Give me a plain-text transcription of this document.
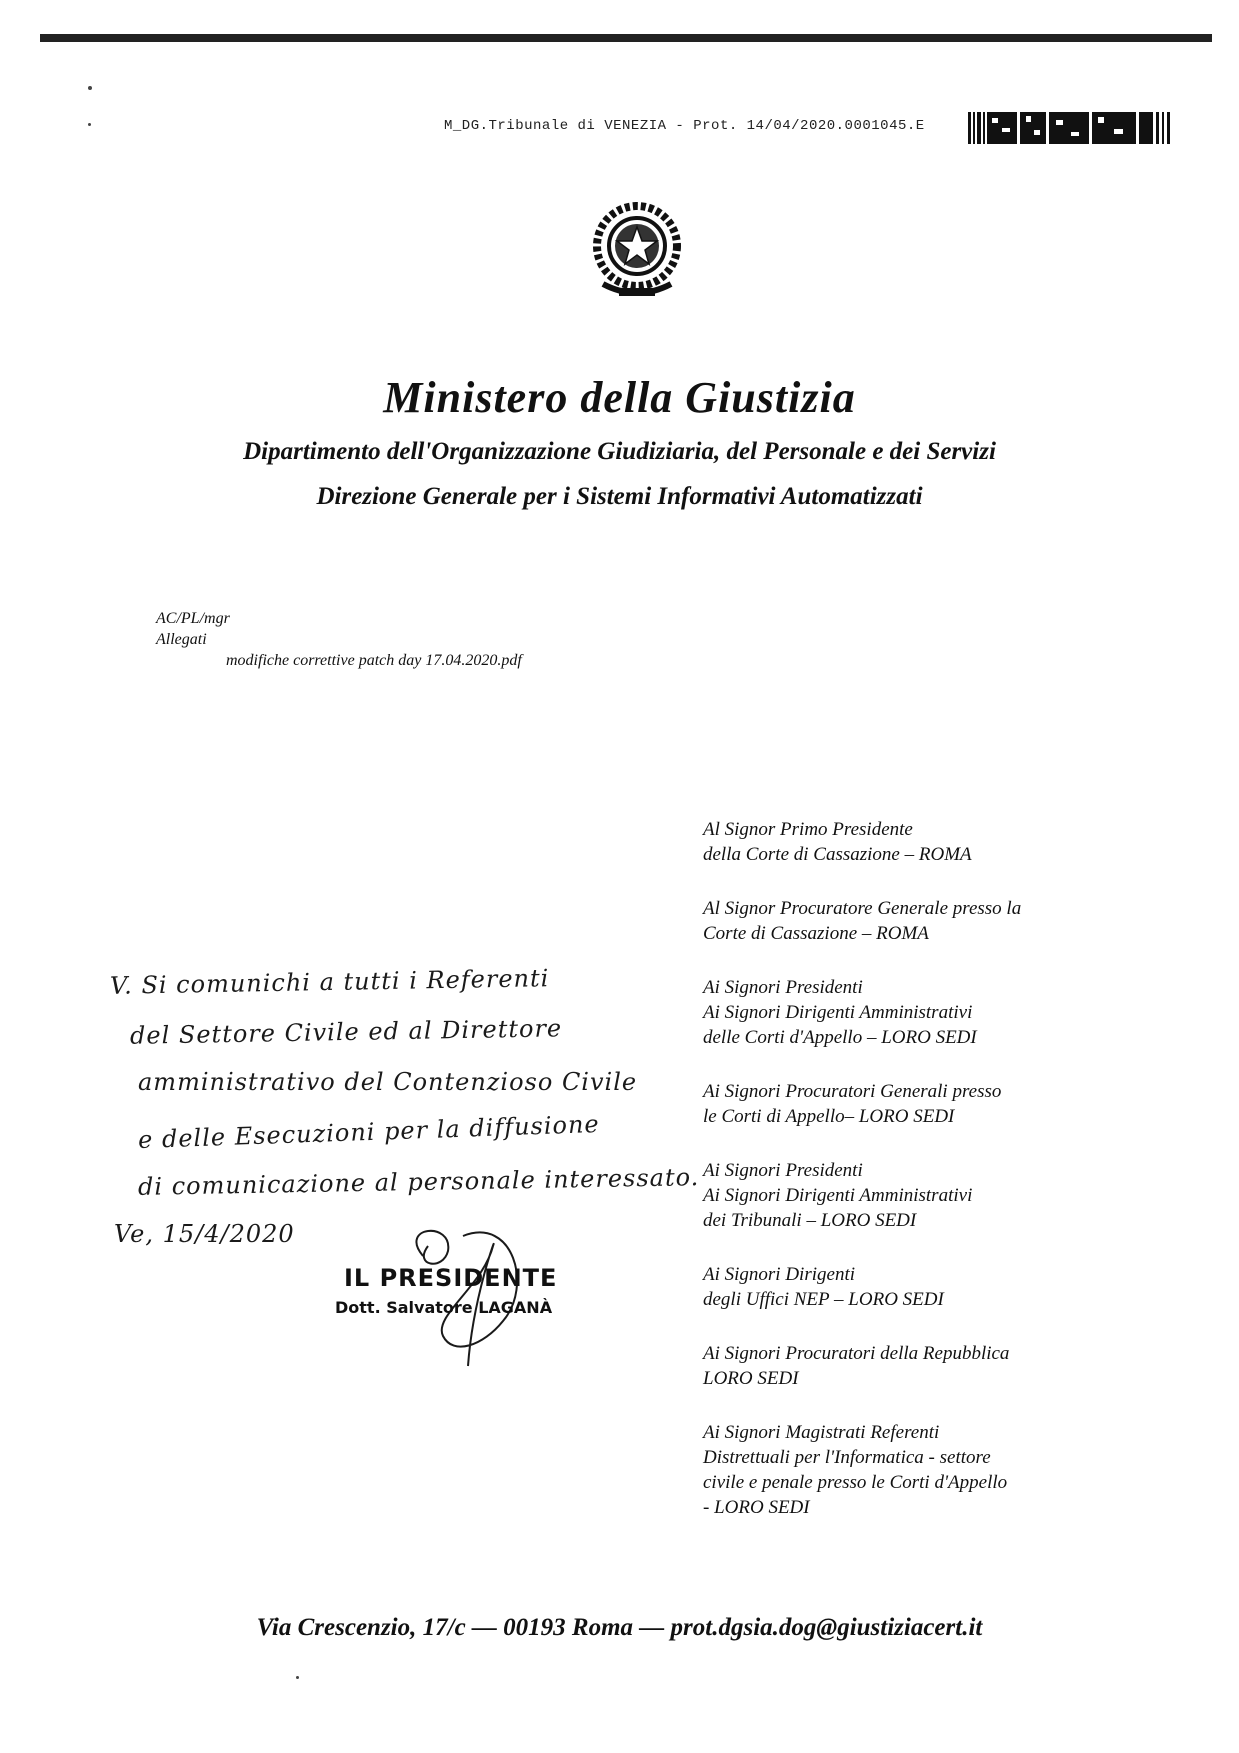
M_DG.Tribunale di VENEZIA - Prot. 14/04/2020.0001045.E
Ministero della Giustizia
Dipartimento dell'Organizzazione Giudiziaria, del Personale e dei Servizi
Direzione Generale per i Sistemi Informativi Automatizzati
AC/PL/mgr
Allegati
modifiche correttive patch day 17.04.2020.pdf
Al Signor Primo Presidente
della Corte di Cassazione – ROMA
Al Signor Procuratore Generale presso la
Corte di Cassazione – ROMA
Ai Signori Presidenti
Ai Signori Dirigenti Amministrativi
delle Corti d'Appello – LORO SEDI
Ai Signori Procuratori Generali presso
le Corti di Appello– LORO SEDI
Ai Signori Presidenti
Ai Signori Dirigenti Amministrativi
dei Tribunali – LORO SEDI
Ai Signori Dirigenti
degli Uffici NEP – LORO SEDI
Ai Signori Procuratori della Repubblica
LORO SEDI
Ai Signori Magistrati Referenti
Distrettuali per l'Informatica - settore
civile e penale presso le Corti d'Appello
- LORO SEDI
V. Si comunichi a tutti i Referenti
del Settore Civile ed al Direttore
amministrativo del Contenzioso Civile
e delle Esecuzioni per la diffusione
di comunicazione al personale interessato.
Ve, 15/4/2020
IL PRESIDENTE
Dott. Salvatore LAGANÀ
Via Crescenzio, 17/c — 00193 Roma — prot.dgsia.dog@giustiziacert.it
